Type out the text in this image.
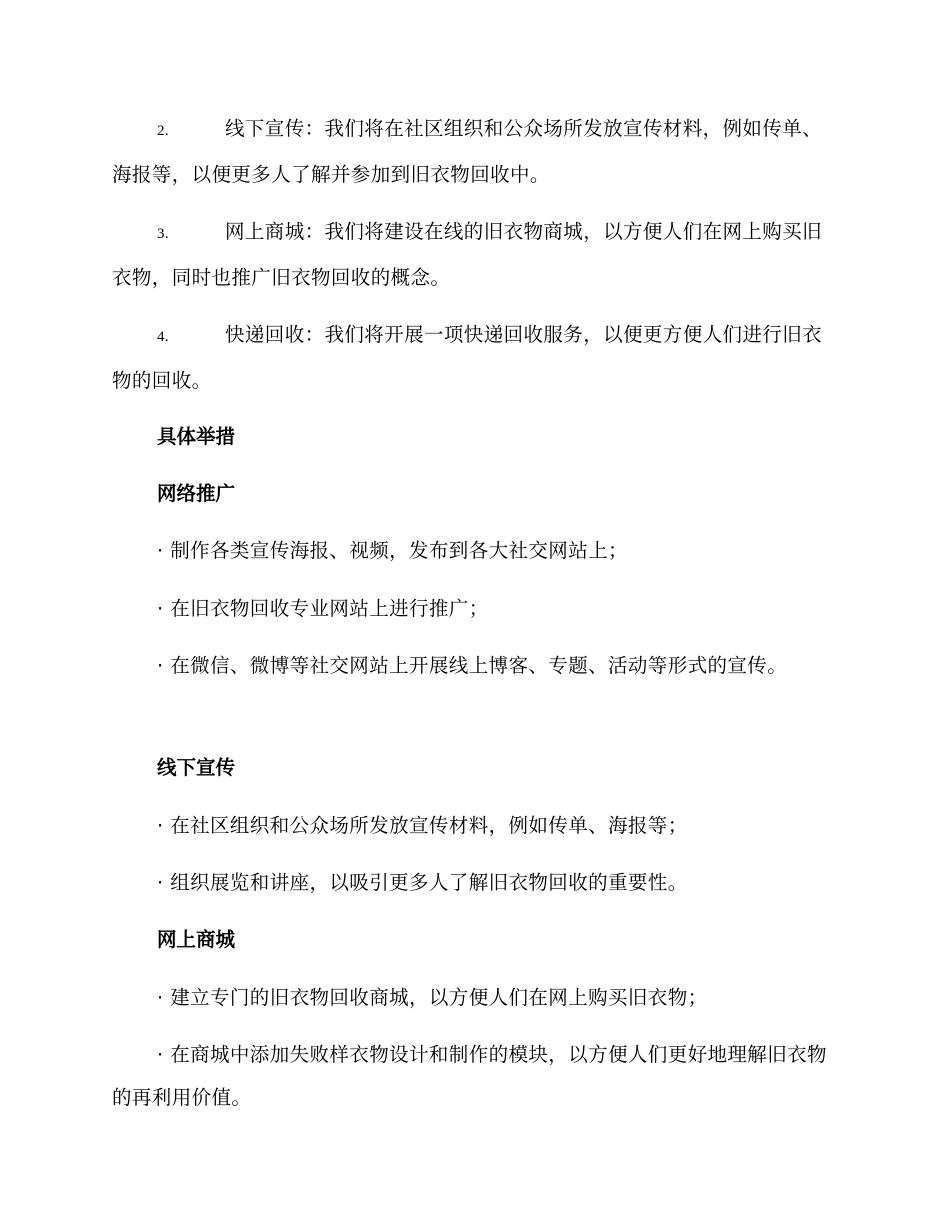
2.	线下宣传：我们将在社区组织和公众场所发放宣传材料，例如传单、海报等，以便更多人了解并参加到旧衣物回收中。

3.	网上商城：我们将建设在线的旧衣物商城，以方便人们在网上购买旧衣物，同时也推广旧衣物回收的概念。

4.	快递回收：我们将开展一项快递回收服务，以便更方便人们进行旧衣物的回收。

具体举措

网络推广

· 制作各类宣传海报、视频，发布到各大社交网站上；

· 在旧衣物回收专业网站上进行推广；

· 在微信、微博等社交网站上开展线上博客、专题、活动等形式的宣传。

线下宣传

· 在社区组织和公众场所发放宣传材料，例如传单、海报等；

· 组织展览和讲座，以吸引更多人了解旧衣物回收的重要性。

网上商城

· 建立专门的旧衣物回收商城，以方便人们在网上购买旧衣物；

· 在商城中添加失败样衣物设计和制作的模块，以方便人们更好地理解旧衣物的再利用价值。
